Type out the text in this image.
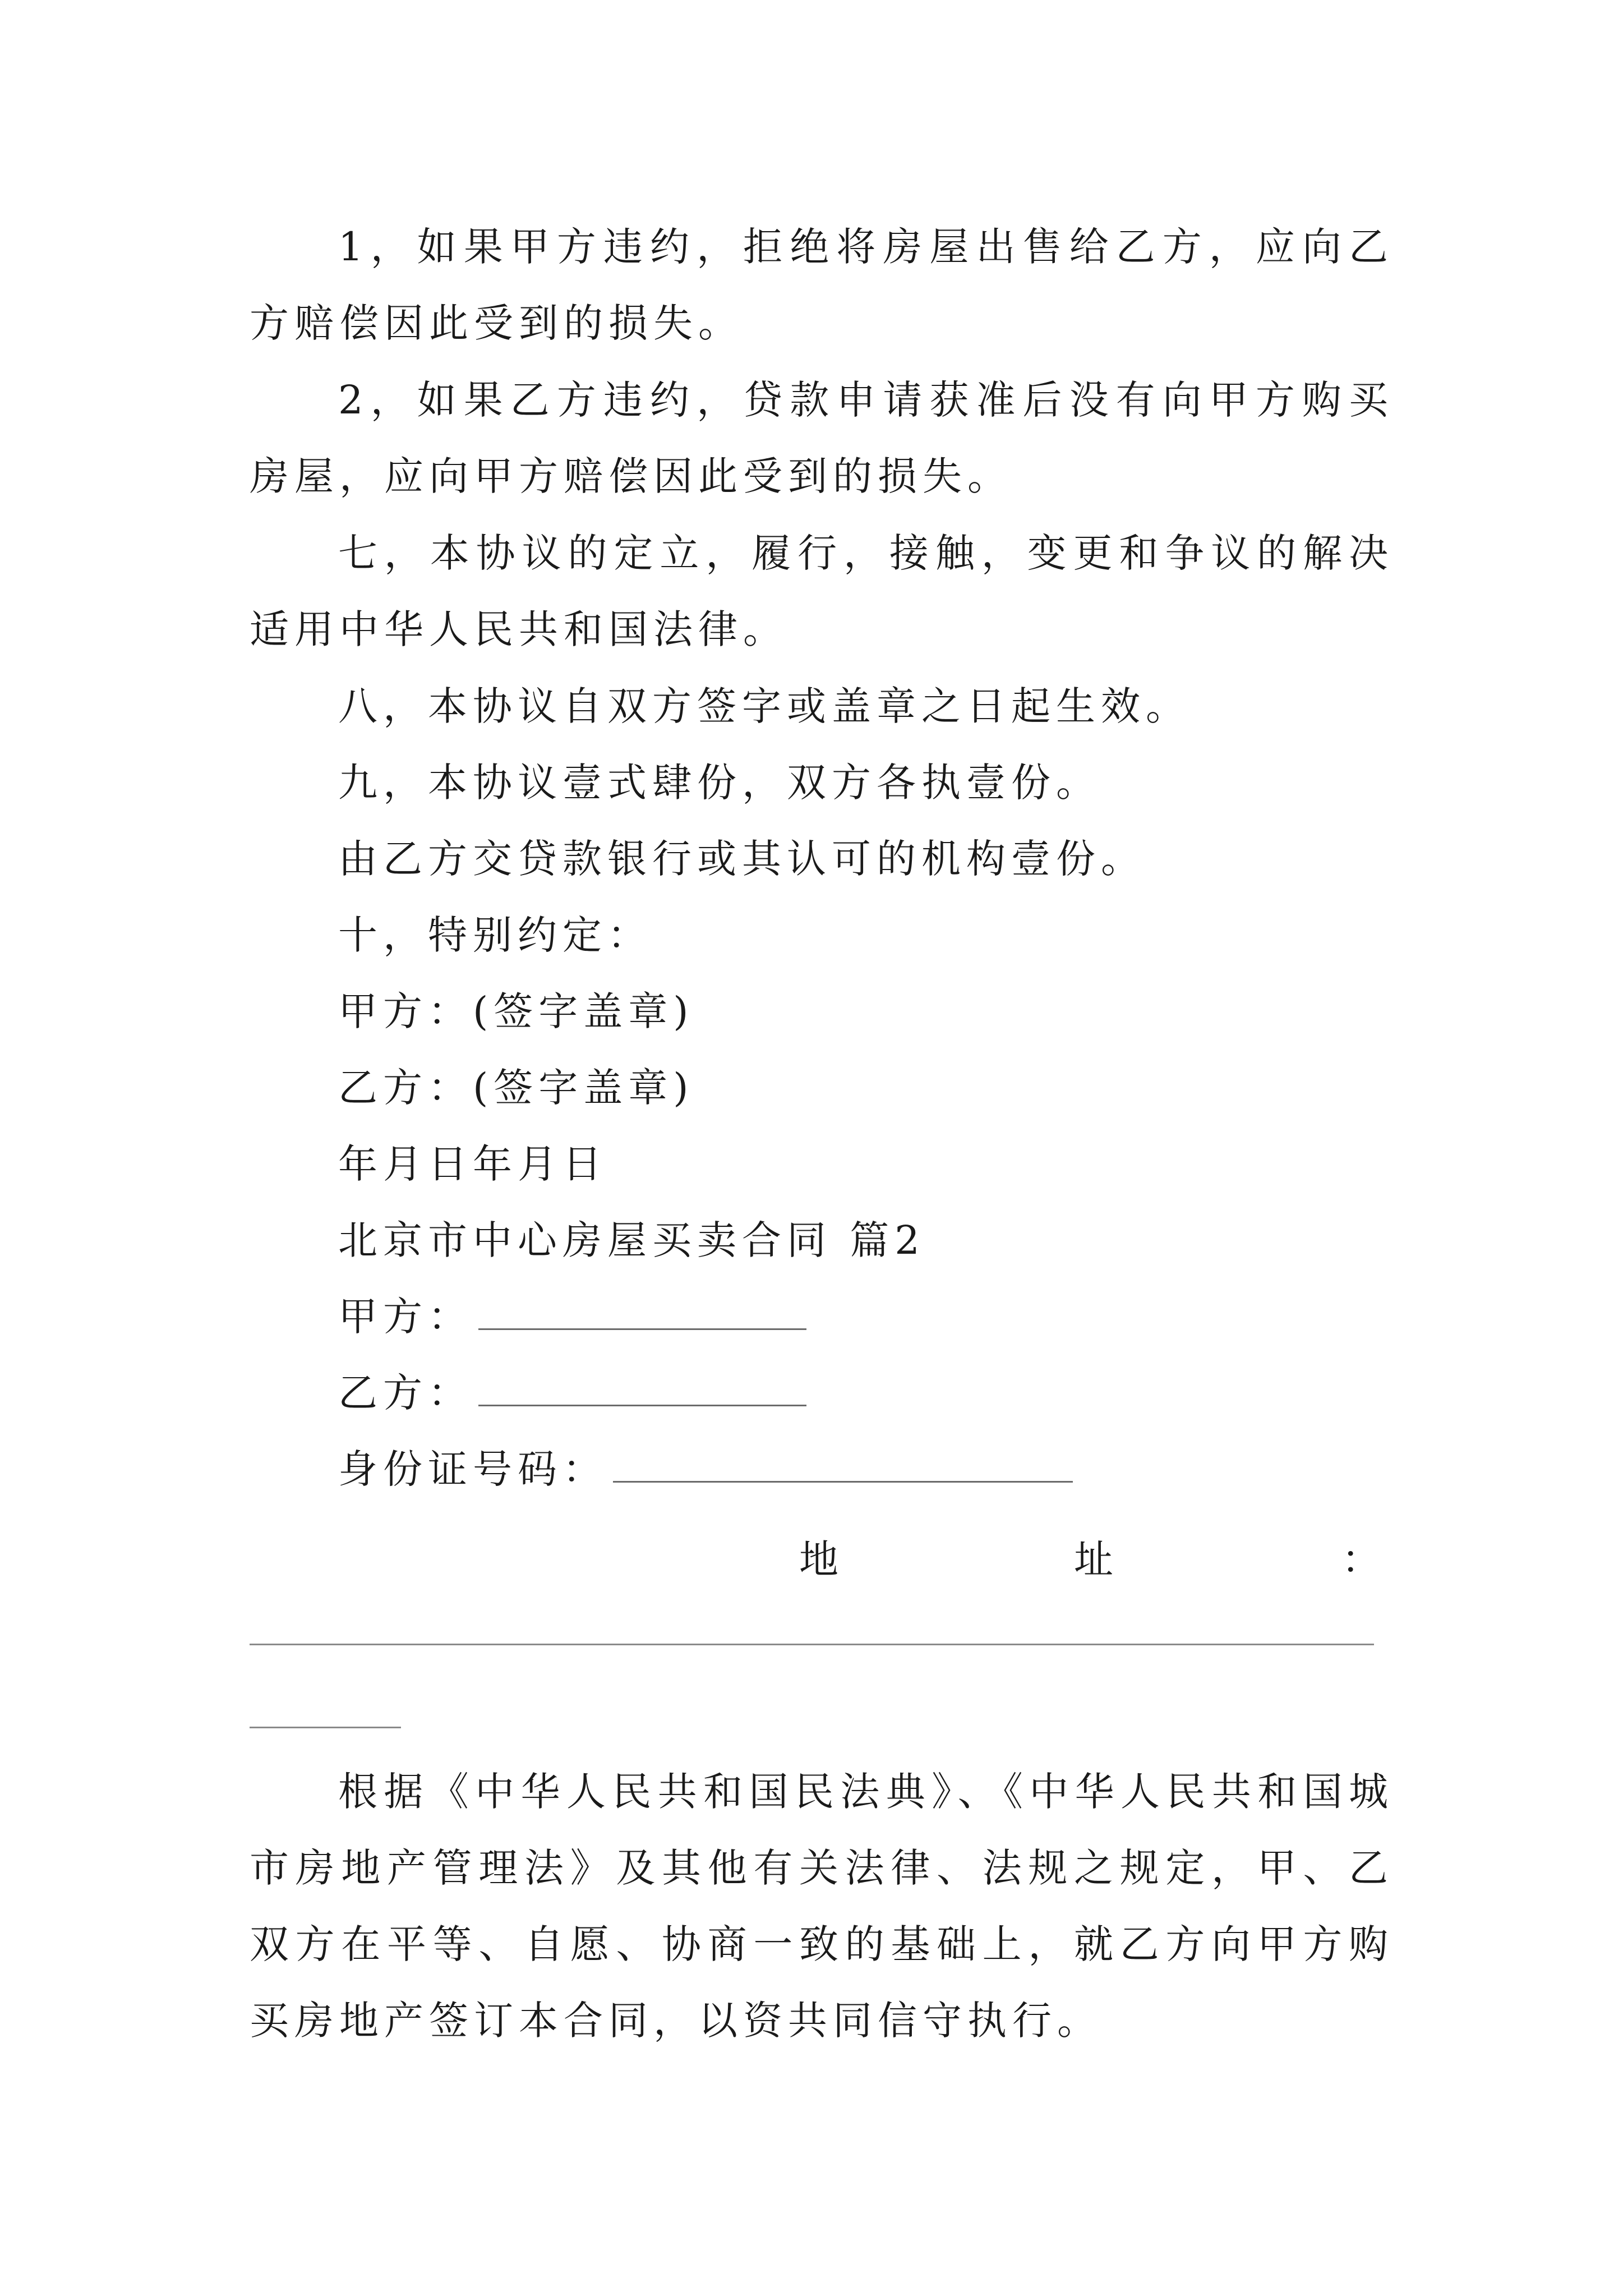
1，如果甲方违约，拒绝将房屋出售给乙方，应向乙方赔偿因此受到的损失。
2，如果乙方违约，贷款申请获准后没有向甲方购买房屋，应向甲方赔偿因此受到的损失。
七，本协议的定立，履行，接触，变更和争议的解决适用中华人民共和国法律。
八，本协议自双方签字或盖章之日起生效。
九，本协议壹式肆份，双方各执壹份。
由乙方交贷款银行或其认可的机构壹份。
十，特别约定：
甲方：(签字盖章)
乙方：(签字盖章)
年月日年月日
北京市中心房屋买卖合同 篇2
甲方：
乙方：
身份证号码：
地	址	：
根据《中华人民共和国民法典》、《中华人民共和国城市房地产管理法》及其他有关法律、法规之规定，甲、乙双方在平等、自愿、协商一致的基础上，就乙方向甲方购买房地产签订本合同，以资共同信守执行。
